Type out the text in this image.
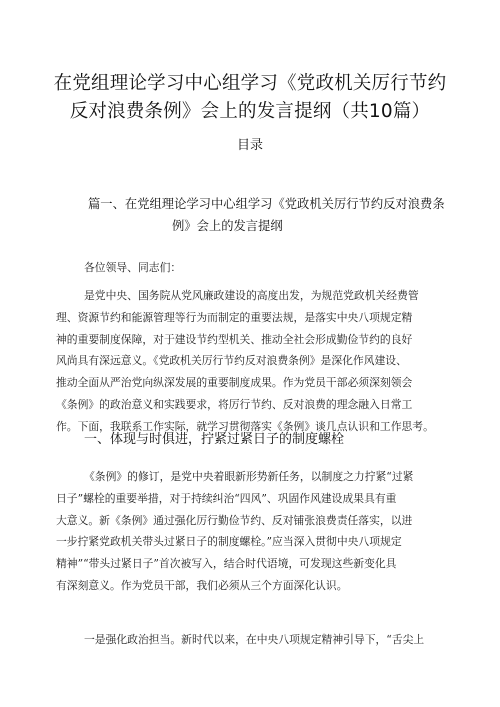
在党组理论学习中心组学习《党政机关厉行节约
反对浪费条例》会上的发言提纲（共10篇）
目录
篇一、在党组理论学习中心组学习《党政机关厉行节约反对浪费条
例》会上的发言提纲
各位领导、同志们：
是党中央、国务院从党风廉政建设的高度出发，为规范党政机关经费管
理、资源节约和能源管理等行为而制定的重要法规，是落实中央八项规定精
神的重要制度保障，对于建设节约型机关、推动全社会形成勤俭节约的良好
风尚具有深远意义。《党政机关厉行节约反对浪费条例》是深化作风建设、
推动全面从严治党向纵深发展的重要制度成果。作为党员干部必须深刻领会
《条例》的政治意义和实践要求，将厉行节约、反对浪费的理念融入日常工
作。下面，我联系工作实际，就学习贯彻落实《条例》谈几点认识和工作思考。
一、体现与时俱进，拧紧过紧日子的制度螺栓
《条例》的修订，是党中央着眼新形势新任务，以制度之力拧紧“过紧
日子”螺栓的重要举措，对于持续纠治“四风”、巩固作风建设成果具有重
大意义。新《条例》通过强化厉行勤俭节约、反对铺张浪费责任落实，以进
一步拧紧党政机关带头过紧日子的制度螺栓。”应当深入贯彻中央八项规定
精神”“带头过紧日子”首次被写入，结合时代语境，可发现这些新变化具
有深刻意义。作为党员干部，我们必须从三个方面深化认识。
一是强化政治担当。新时代以来，在中央八项规定精神引导下，“舌尖上
